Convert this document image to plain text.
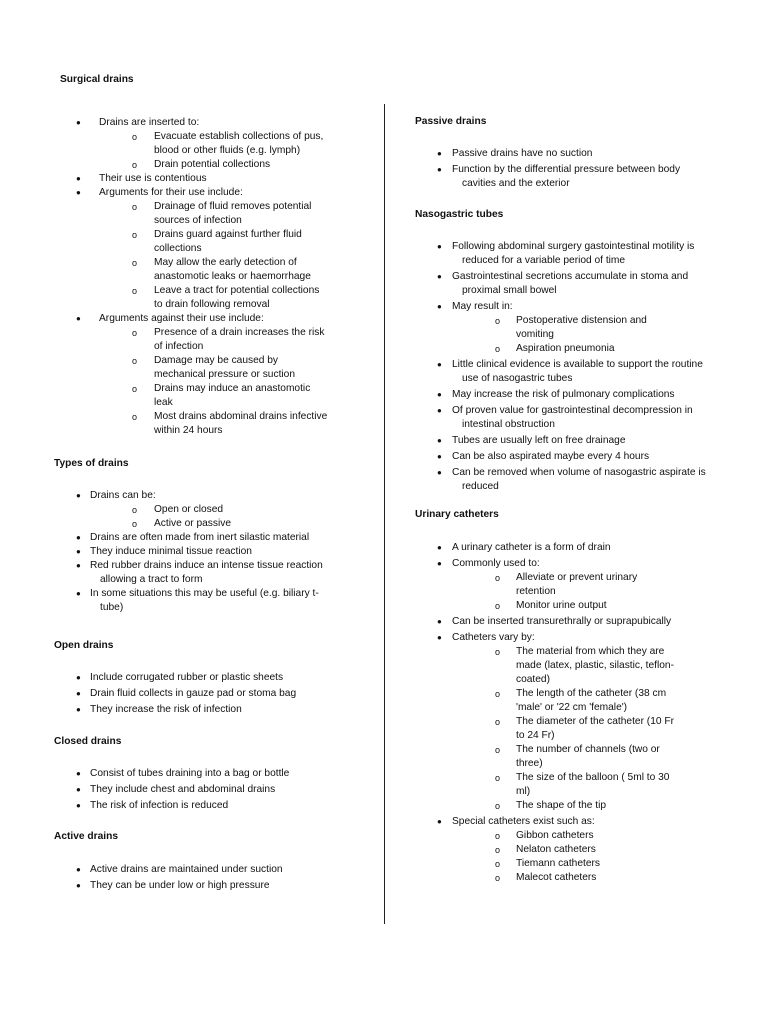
Surgical drains
● Drains are inserted to:
o Evacuate establish collections of pus, blood or other fluids (e.g. lymph)
o Drain potential collections
● Their use is contentious
● Arguments for their use include:
o Drainage of fluid removes potential sources of infection
o Drains guard against further fluid collections
o May allow the early detection of anastomotic leaks or haemorrhage
o Leave a tract for potential collections to drain following removal
● Arguments against their use include:
o Presence of a drain increases the risk of infection
o Damage may be caused by mechanical pressure or suction
o Drains may induce an anastomotic leak
o Most drains abdominal drains infective within 24 hours
Types of drains
● Drains can be:
o Open or closed
o Active or passive
● Drains are often made from inert silastic material
● They induce minimal tissue reaction
● Red rubber drains induce an intense tissue reaction allowing a tract to form
● In some situations this may be useful (e.g. biliary t-tube)
Open drains
● Include corrugated rubber or plastic sheets
● Drain fluid collects in gauze pad or stoma bag
● They increase the risk of infection
Closed drains
● Consist of tubes draining into a bag or bottle
● They include chest and abdominal drains
● The risk of infection is reduced
Active drains
● Active drains are maintained under suction
● They can be under low or high pressure
Passive drains
● Passive drains have no suction
● Function by the differential pressure between body cavities and the exterior
Nasogastric tubes
● Following abdominal surgery gastointestinal motility is reduced for a variable period of time
● Gastrointestinal secretions accumulate in stoma and proximal small bowel
● May result in:
o Postoperative distension and vomiting
o Aspiration pneumonia
● Little clinical evidence is available to support the routine use of nasogastric tubes
● May increase the risk of pulmonary complications
● Of proven value for gastrointestinal decompression in intestinal obstruction
● Tubes are usually left on free drainage
● Can be also aspirated maybe every 4 hours
● Can be removed when volume of nasogastric aspirate is reduced
Urinary catheters
● A urinary catheter is a form of drain
● Commonly used to:
o Alleviate or prevent urinary retention
o Monitor urine output
● Can be inserted transurethrally or suprapubically
● Catheters vary by:
o The material from which they are made (latex, plastic, silastic, teflon-coated)
o The length of the catheter (38 cm 'male' or '22 cm 'female')
o The diameter of the catheter (10 Fr to 24 Fr)
o The number of channels (two or three)
o The size of the balloon ( 5ml to 30 ml)
o The shape of the tip
● Special catheters exist such as:
o Gibbon catheters
o Nelaton catheters
o Tiemann catheters
o Malecot catheters
